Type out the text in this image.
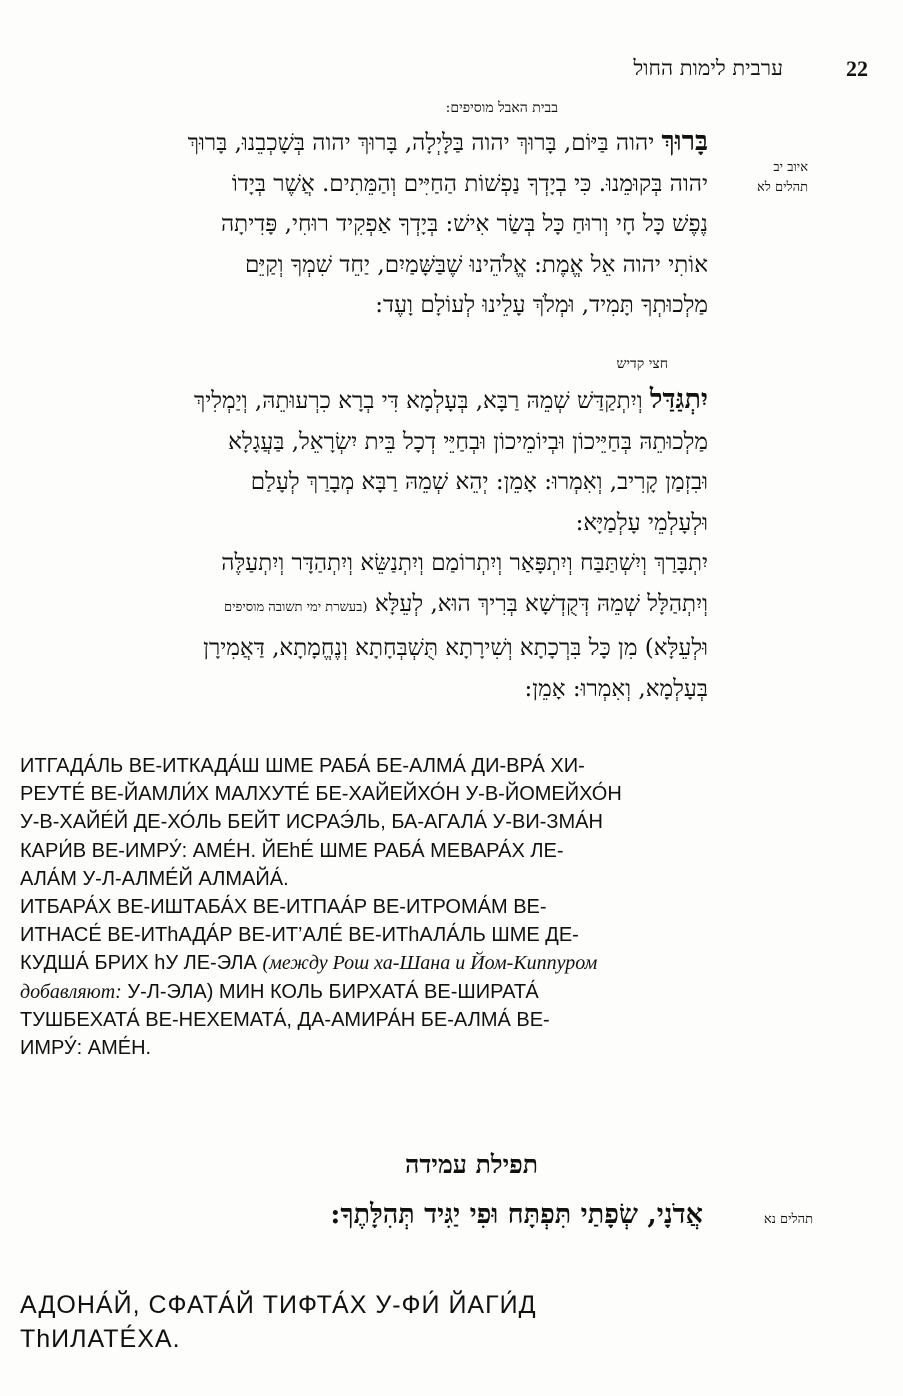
22
ערבית לימות החול
בבית האבל מוסיפים:
איוב יב
תהלים לא
בָּרוּךְ יהוה בַּיּוֹם, בָּרוּךְ יהוה בַּלָּיְלָה, בָּרוּךְ יהוה בְּשָׁכְבֵנוּ, בָּרוּךְ
יהוה בְּקוּמֵנוּ. כִּי בְיָדְךָ נַפְשׁוֹת הַחַיִּים וְהַמֵּתִים. אֲשֶׁר בְּיָדוֹ
נֶפֶשׁ כָּל חָי וְרוּחַ כָּל בְּשַׂר אִישׁ: בְּיָדְךָ אַפְקִיד רוּחִי, פָּדִיתָה
אוֹתִי יהוה אֵל אֱמֶת: אֱלֹהֵינוּ שֶׁבַּשָּׁמַיִם, יַחֵד שִׁמְךָ וְקַיֵּם
מַלְכוּתְךָ תָּמִיד, וּמְלֹךְ עָלֵינוּ לְעוֹלָם וָעֶד:
חצי קדיש
יִתְגַּדַּל וְיִתְקַדַּשׁ שְׁמֵהּ רַבָּא, בְּעָלְמָא דִּי בְרָא כִרְעוּתֵהּ, וְיַמְלִיךְ
מַלְכוּתֵהּ בְּחַיֵּיכוֹן וּבְיוֹמֵיכוֹן וּבְחַיֵּי דְכָל בֵּית יִשְׂרָאֵל, בַּעֲגָלָא
וּבִזְמַן קָרִיב, וְאִמְרוּ: אָמֵן: יְהֵא שְׁמֵהּ רַבָּא מְבָרַךְ לְעָלַם
וּלְעָלְמֵי עָלְמַיָּא:
יִתְבָּרַךְ וְיִשְׁתַּבַּח וְיִתְפָּאַר וְיִתְרוֹמַם וְיִתְנַשֵּׂא וְיִתְהַדָּר וְיִתְעַלֶּה
וְיִתְהַלָּל שְׁמֵהּ דְּקֻדְשָׁא בְּרִיךְ הוּא, לְעֵלָּא (בעשרת ימי תשובה מוסיפים
וּלְעֵלָּא) מִן כָּל בִּרְכָתָא וְשִׁירָתָא תֻּשְׁבְּחָתָא וְנֶחֱמָתָא, דַּאֲמִירָן
בְּעָלְמָא, וְאִמְרוּ: אָמֵן:
ИТГАДА́ЛЬ ВЕ-ИТКАДА́Ш ШМЕ РАБА́ БЕ-АЛМА́ ДИ-ВРА́ ХИ-
РЕУТЕ́ ВЕ-ЙАМЛИ́Х МАЛХУТЕ́ БЕ-ХАЙЕЙХО́Н У-В-ЙОМЕЙХО́Н
У-В-ХАЙЕ́Й ДЕ-ХО́ЛЬ БЕЙТ ИСРАЭ́ЛЬ, БА-АГАЛА́ У-ВИ-ЗМА́Н
КАРИ́В ВЕ-ИМРУ́: АМЕ́Н. ЙЕhЕ́ ШМЕ РАБА́ МЕВАРА́Х ЛЕ-
АЛА́М У-Л-АЛМЕ́Й АЛМАЙА́.
ИТБАРА́Х ВЕ-ИШТАБА́Х ВЕ-ИТПАА́Р ВЕ-ИТРОМА́М ВЕ-
ИТНАСЕ́ ВЕ-ИТhАДА́Р ВЕ-ИТ’АЛЕ́ ВЕ-ИТhАЛА́ЛЬ ШМЕ ДЕ-
КУДША́ БРИХ hУ ЛЕ-ЭЛА (между Рош ха-Шана и Йом-Киппуром
добавляют: У-Л-ЭЛА) МИН КОЛЬ БИРХАТА́ ВЕ-ШИРАТА́
ТУШБЕХАТА́ ВЕ-НЕХЕМАТА́, ДА-АМИРА́Н БЕ-АЛМА́ ВЕ-
ИМРУ́: АМЕ́Н.
תפילת עמידה
תהלים נא
אֲדֹנָי, שְׂפָתַי תִּפְתָּח וּפִי יַגִּיד תְּהִלָּתֶךָ:
АДОНА́Й, СФАТА́Й ТИФТА́Х У-ФИ́ ЙАГИ́Д
ThИЛАТЕ́ХА.
